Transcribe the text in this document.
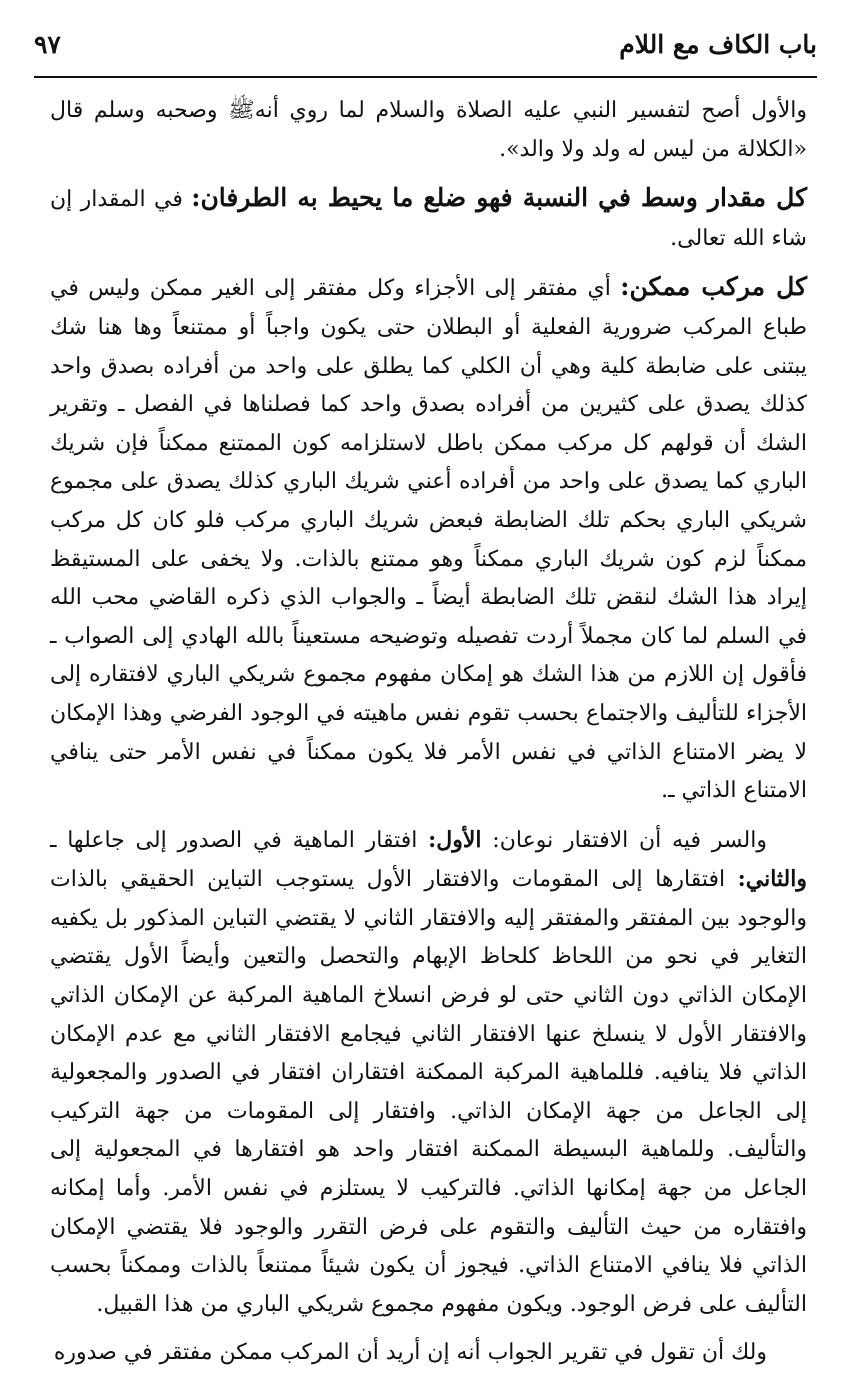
باب الكاف مع اللام
٩٧

والأول أصح لتفسير النبي عليه الصلاة والسلام لما روي أنهﷺ وصحبه وسلم قال «الكلالة من ليس له ولد ولا والد».

كل مقدار وسط في النسبة فهو ضلع ما يحيط به الطرفان: في المقدار إن شاء الله تعالى.

كل مركب ممكن: أي مفتقر إلى الأجزاء وكل مفتقر إلى الغير ممكن وليس في طباع المركب ضرورية الفعلية أو البطلان حتى يكون واجباً أو ممتنعاً وها هنا شك يبتنى على ضابطة كلية وهي أن الكلي كما يطلق على واحد من أفراده بصدق واحد كذلك يصدق على كثيرين من أفراده بصدق واحد كما فصلناها في الفصل ـ وتقرير الشك أن قولهم كل مركب ممكن باطل لاستلزامه كون الممتنع ممكناً فإن شريك الباري كما يصدق على واحد من أفراده أعني شريك الباري كذلك يصدق على مجموع شريكي الباري بحكم تلك الضابطة فبعض شريك الباري مركب فلو كان كل مركب ممكناً لزم كون شريك الباري ممكناً وهو ممتنع بالذات. ولا يخفى على المستيقظ إيراد هذا الشك لنقض تلك الضابطة أيضاً ـ والجواب الذي ذكره القاضي محب الله في السلم لما كان مجملاً أردت تفصيله وتوضيحه مستعيناً بالله الهادي إلى الصواب ـ فأقول إن اللازم من هذا الشك هو إمكان مفهوم مجموع شريكي الباري لافتقاره إلى الأجزاء للتأليف والاجتماع بحسب تقوم نفس ماهيته في الوجود الفرضي وهذا الإمكان لا يضر الامتناع الذاتي في نفس الأمر فلا يكون ممكناً في نفس الأمر حتى ينافي الامتناع الذاتي ـ.

والسر فيه أن الافتقار نوعان: الأول: افتقار الماهية في الصدور إلى جاعلها ـ والثاني: افتقارها إلى المقومات والافتقار الأول يستوجب التباين الحقيقي بالذات والوجود بين المفتقر والمفتقر إليه والافتقار الثاني لا يقتضي التباين المذكور بل يكفيه التغاير في نحو من اللحاظ كلحاظ الإبهام والتحصل والتعين وأيضاً الأول يقتضي الإمكان الذاتي دون الثاني حتى لو فرض انسلاخ الماهية المركبة عن الإمكان الذاتي والافتقار الأول لا ينسلخ عنها الافتقار الثاني فيجامع الافتقار الثاني مع عدم الإمكان الذاتي فلا ينافيه. فللماهية المركبة الممكنة افتقاران افتقار في الصدور والمجعولية إلى الجاعل من جهة الإمكان الذاتي. وافتقار إلى المقومات من جهة التركيب والتأليف. وللماهية البسيطة الممكنة افتقار واحد هو افتقارها في المجعولية إلى الجاعل من جهة إمكانها الذاتي. فالتركيب لا يستلزم في نفس الأمر. وأما إمكانه وافتقاره من حيث التأليف والتقوم على فرض التقرر والوجود فلا يقتضي الإمكان الذاتي فلا ينافي الامتناع الذاتي. فيجوز أن يكون شيئاً ممتنعاً بالذات وممكناً بحسب التأليف على فرض الوجود. ويكون مفهوم مجموع شريكي الباري من هذا القبيل.

ولك أن تقول في تقرير الجواب أنه إن أريد أن المركب ممكن مفتقر في صدوره
